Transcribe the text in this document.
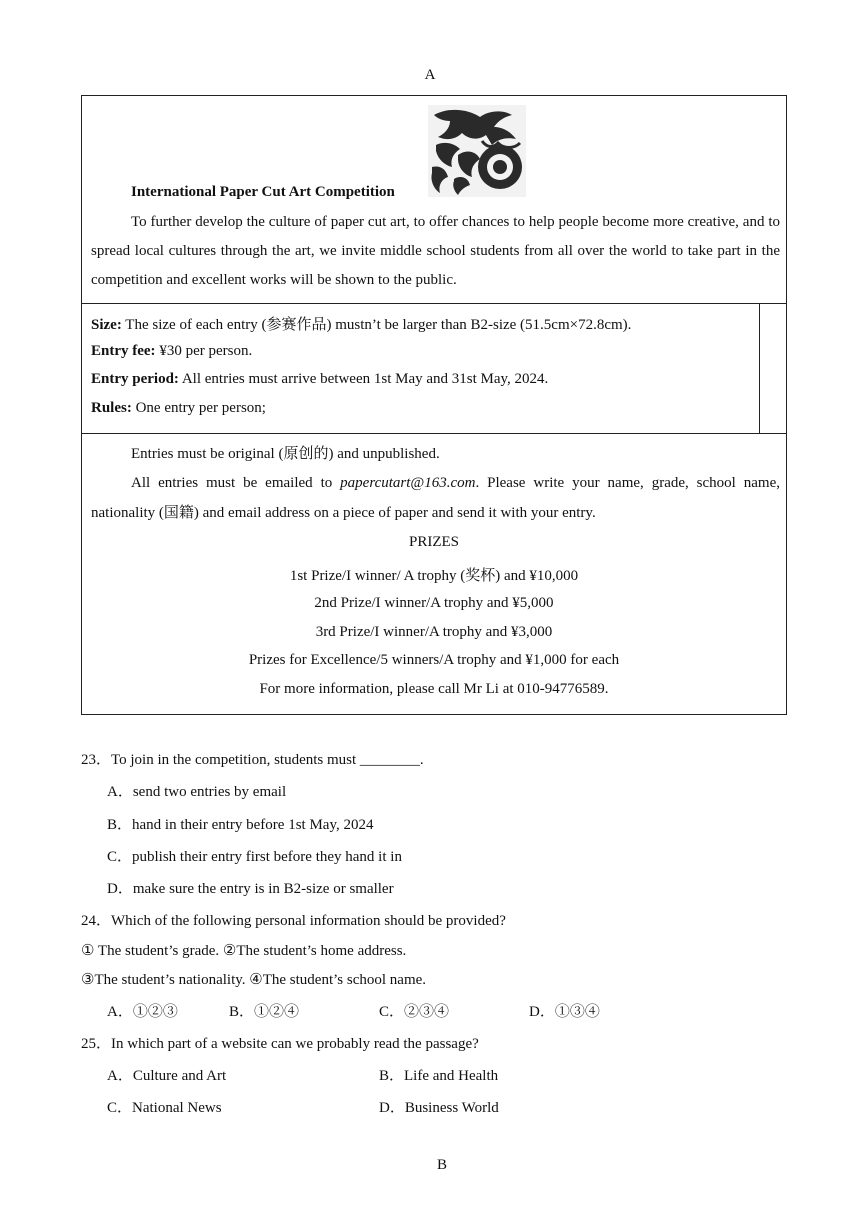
A
International Paper Cut Art Competition
To further develop the culture of paper cut art, to offer chances to help people become more creative, and to spread local cultures through the art, we invite middle school students from all over the world to take part in the competition and excellent works will be shown to the public.
Size: The size of each entry (参赛作品) mustn’t be larger than B2-size (51.5cm×72.8cm).
Entry fee: ¥30 per person.
Entry period: All entries must arrive between 1st May and 31st May, 2024.
Rules: One entry per person;
Entries must be original (原创的) and unpublished.
All entries must be emailed to papercutart@163.com. Please write your name, grade, school name, nationality (国籍) and email address on a piece of paper and send it with your entry.
PRIZES
1st Prize/I winner/ A trophy (奖杯) and ¥10,000
2nd Prize/I winner/A trophy and ¥5,000
3rd Prize/I winner/A trophy and ¥3,000
Prizes for Excellence/5 winners/A trophy and ¥1,000 for each
For more information, please call Mr Li at 010-94776589.
23．To join in the competition, students must ________.
A．send two entries by email
B．hand in their entry before 1st May, 2024
C．publish their entry first before they hand it in
D．make sure the entry is in B2-size or smaller
24．Which of the following personal information should be provided?
① The student’s grade. ②The student’s home address.
③The student’s nationality. ④The student’s school name.
A．①②③	B．①②④	C．②③④	D．①③④
25．In which part of a website can we probably read the passage?
A．Culture and Art	B．Life and Health
C．National News	D．Business World
B
